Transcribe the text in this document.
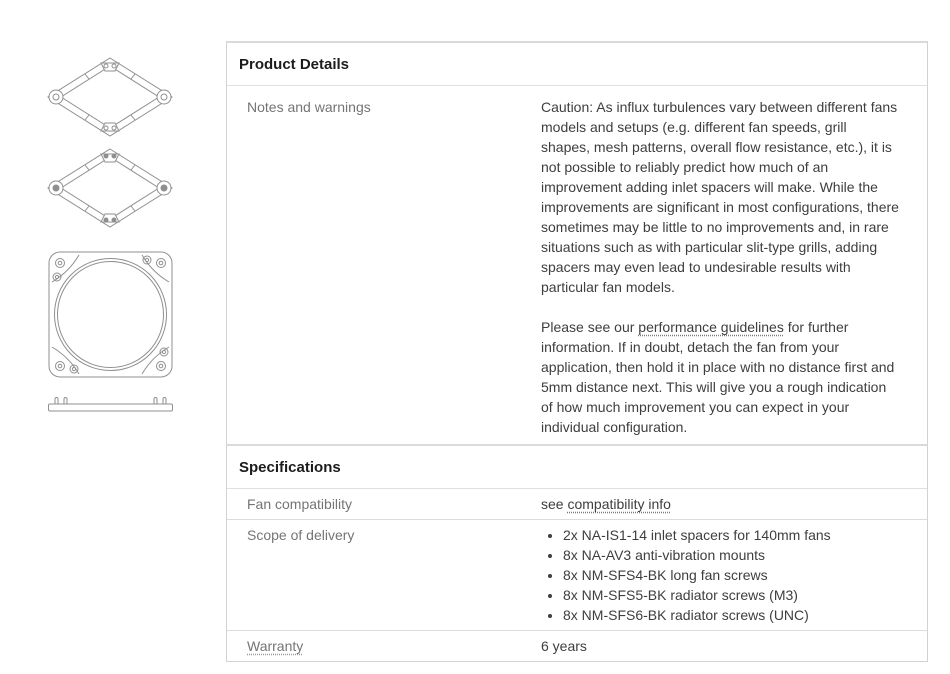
Product Details
Notes and warnings	Caution: As influx turbulences vary between different fans models and setups (e.g. different fan speeds, grill shapes, mesh patterns, overall flow resistance, etc.), it is not possible to reliably predict how much of an improvement adding inlet spacers will make. While the improvements are significant in most configurations, there sometimes may be little to no improvements and, in rare situations such as with particular slit-type grills, adding spacers may even lead to undesirable results with particular fan models.

Please see our performance guidelines for further information. If in doubt, detach the fan from your application, then hold it in place with no distance first and 5mm distance next. This will give you a rough indication of how much improvement you can expect in your individual configuration.

Specifications
Fan compatibility	see compatibility info
Scope of delivery	• 2x NA-IS1-14 inlet spacers for 140mm fans
• 8x NA-AV3 anti-vibration mounts
• 8x NM-SFS4-BK long fan screws
• 8x NM-SFS5-BK radiator screws (M3)
• 8x NM-SFS6-BK radiator screws (UNC)
Warranty	6 years
